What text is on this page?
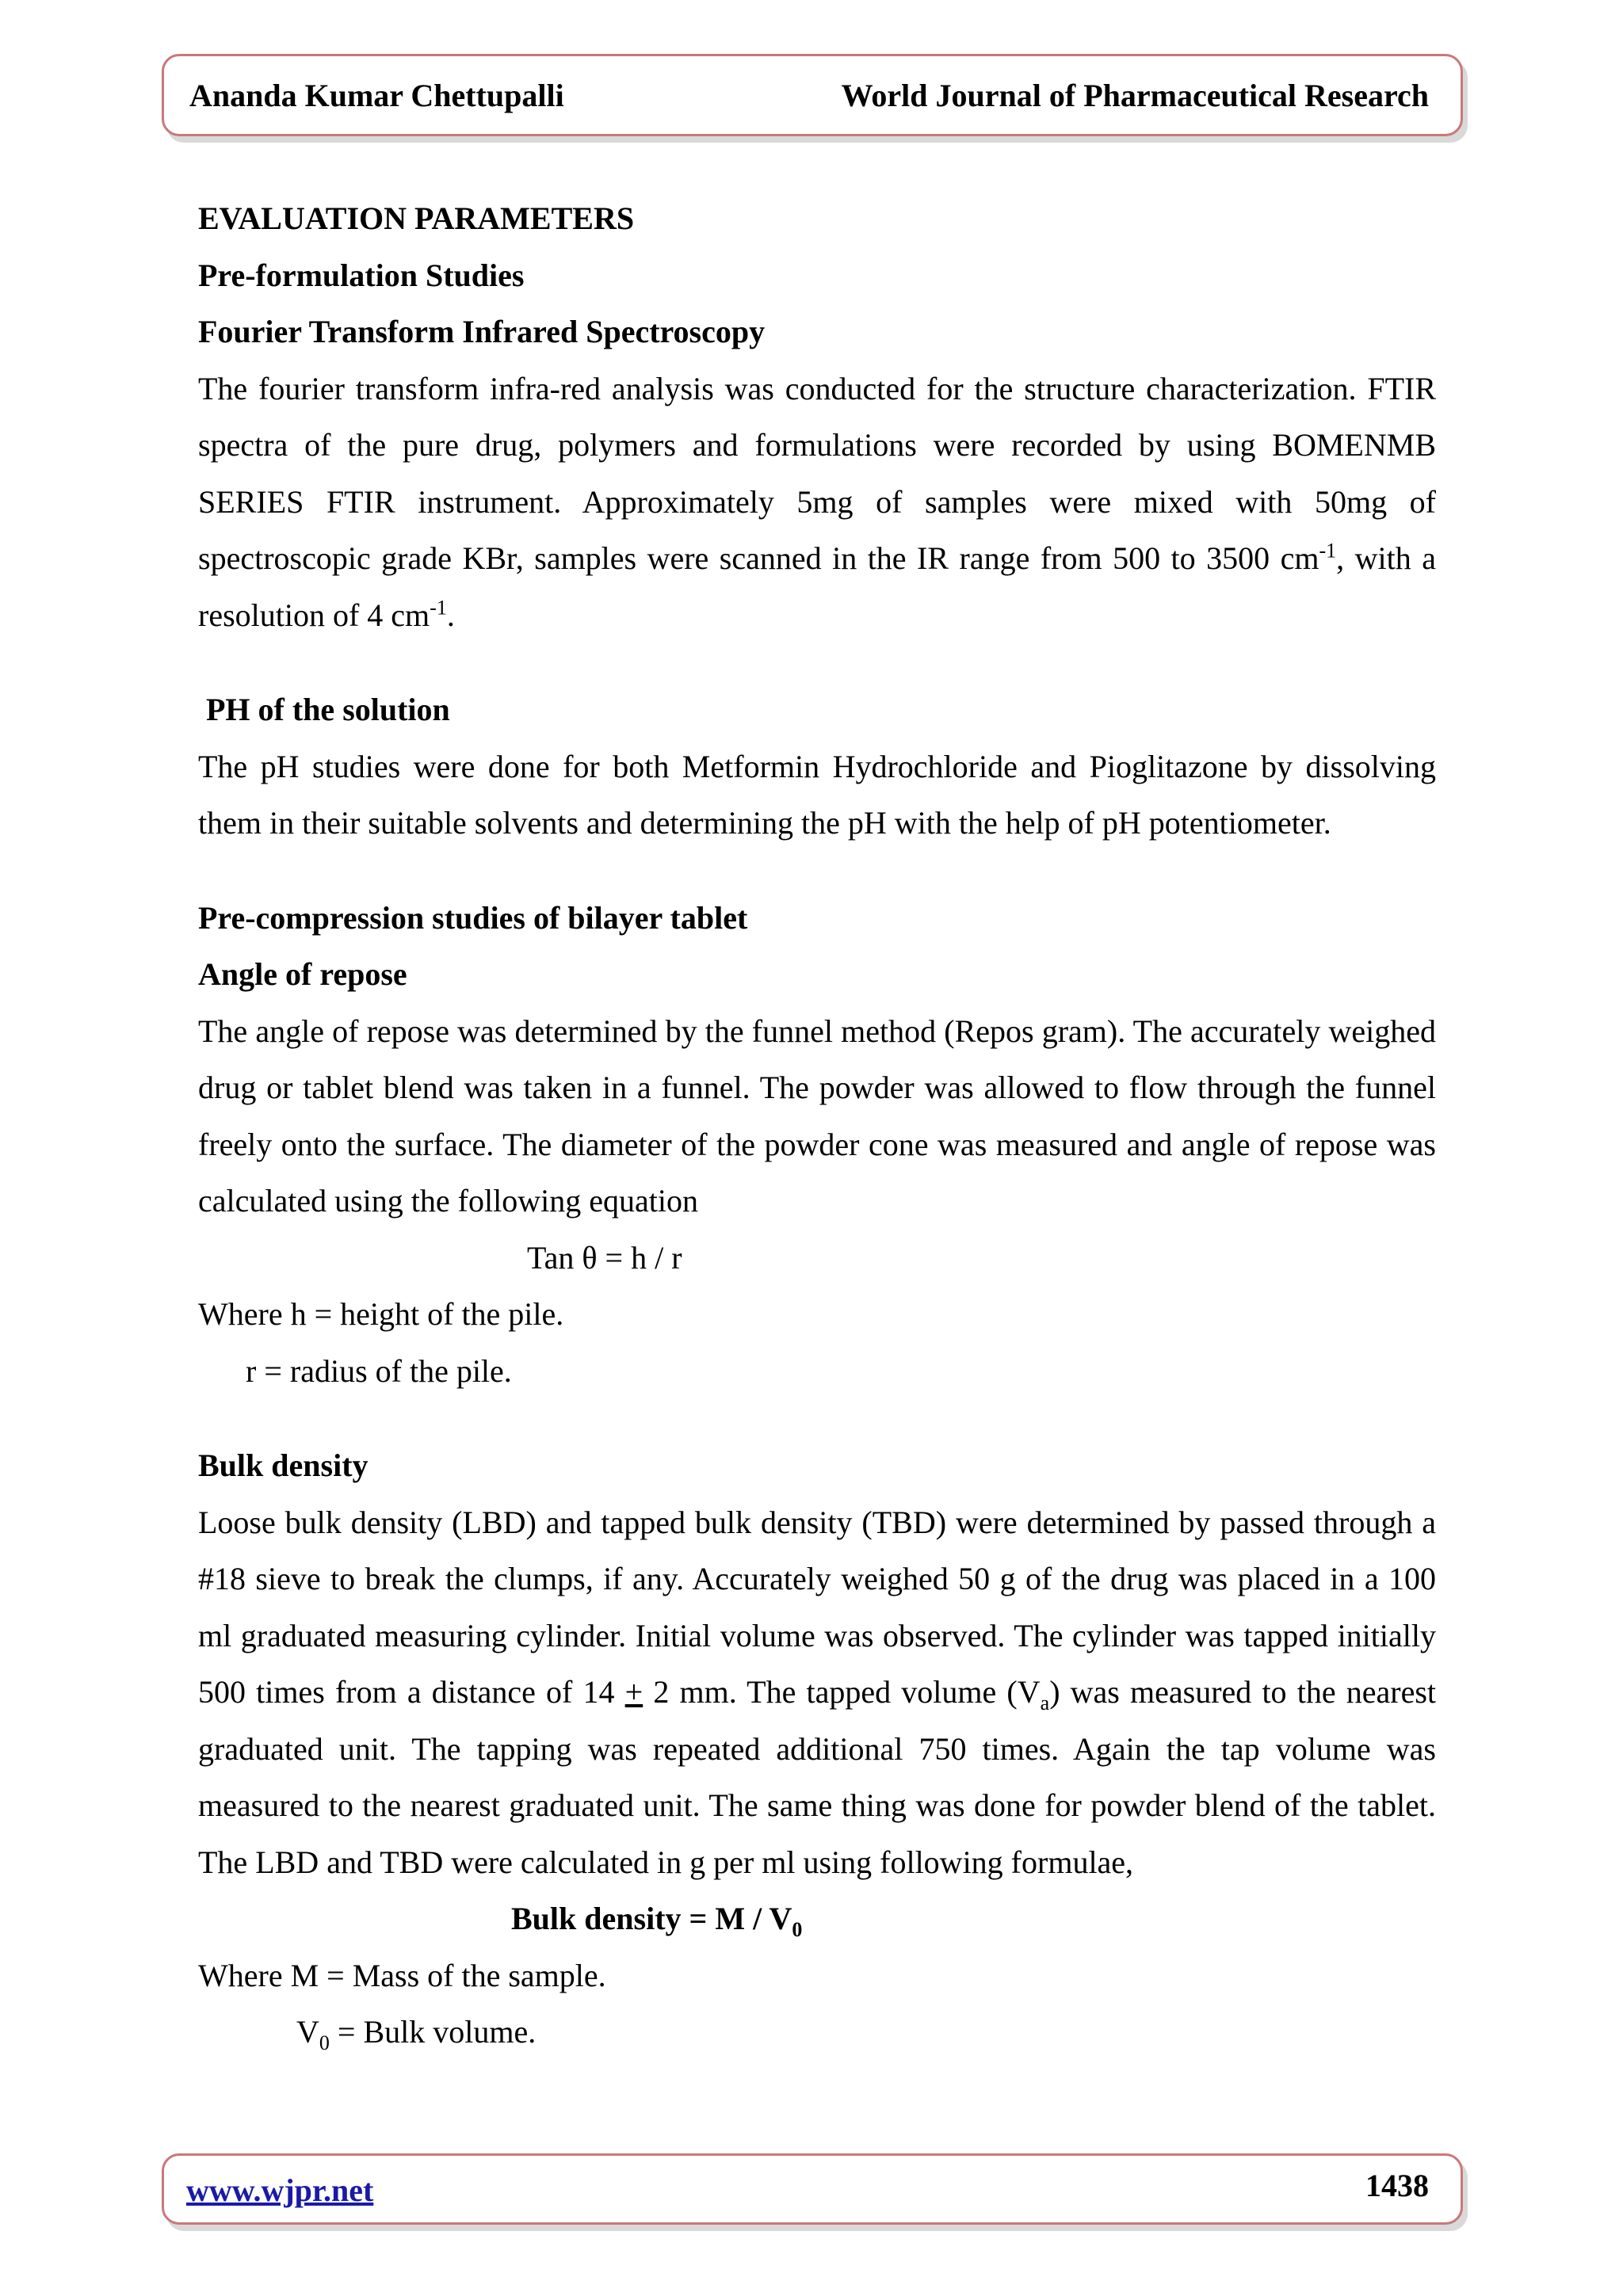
Ananda Kumar Chettupalli	World Journal of Pharmaceutical Research

EVALUATION PARAMETERS

Pre-formulation Studies

Fourier Transform Infrared Spectroscopy

The fourier transform infra-red analysis was conducted for the structure characterization. FTIR spectra of the pure drug, polymers and formulations were recorded by using BOMENMB SERIES FTIR instrument. Approximately 5mg of samples were mixed with 50mg of spectroscopic grade KBr, samples were scanned in the IR range from 500 to 3500 $cm^{-1}$, with a resolution of 4 $cm^{-1}$.

PH of the solution

The pH studies were done for both Metformin Hydrochloride and Pioglitazone by dissolving them in their suitable solvents and determining the pH with the help of pH potentiometer.

Pre-compression studies of bilayer tablet

Angle of repose

The angle of repose was determined by the funnel method (Repos gram). The accurately weighed drug or tablet blend was taken in a funnel. The powder was allowed to flow through the funnel freely onto the surface. The diameter of the powder cone was measured and angle of repose was calculated using the following equation

Tan θ = h / r

Where h = height of the pile.

r = radius of the pile.

Bulk density

Loose bulk density (LBD) and tapped bulk density (TBD) were determined by passed through a #18 sieve to break the clumps, if any. Accurately weighed 50 g of the drug was placed in a 100 ml graduated measuring cylinder. Initial volume was observed. The cylinder was tapped initially 500 times from a distance of 14 + 2 mm. The tapped volume $(V_a)$ was measured to the nearest graduated unit. The tapping was repeated additional 750 times. Again the tap volume was measured to the nearest graduated unit. The same thing was done for powder blend of the tablet. The LBD and TBD were calculated in g per ml using following formulae,

Bulk density = M / $V_0$

Where M = Mass of the sample.

$V_0$ = Bulk volume.

www.wjpr.net	1438
